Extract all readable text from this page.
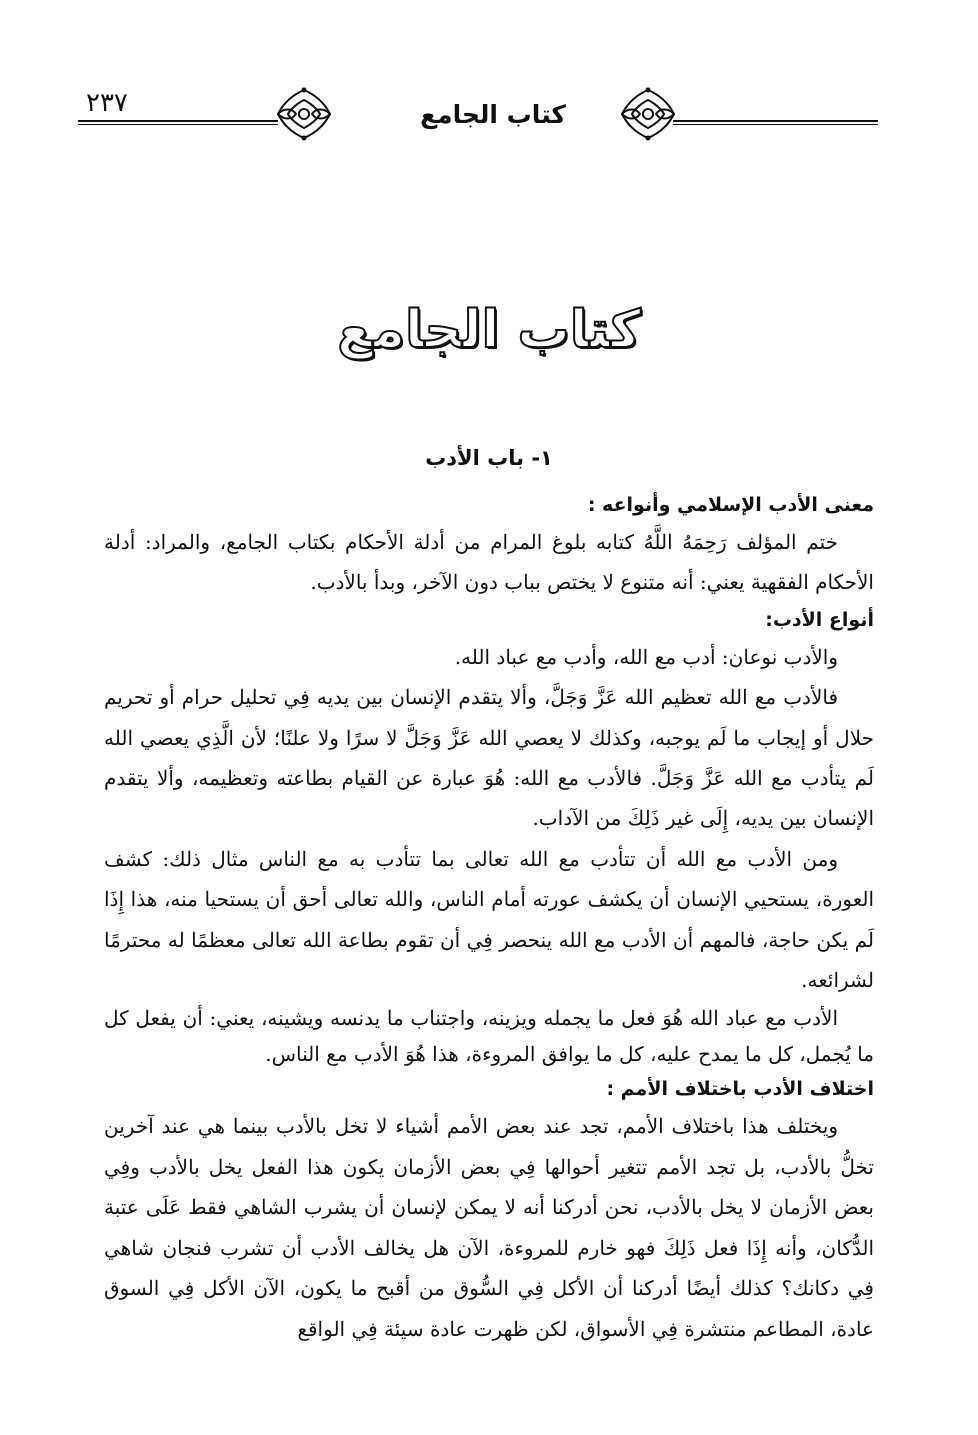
٢٣٧	كتاب الجامع
كتاب الجامع
١- باب الأدب
معنى الأدب الإسلامي وأنواعه :

ختم المؤلف رَحِمَهُ اللَّهُ كتابه بلوغ المرام من أدلة الأحكام بكتاب الجامع، والمراد: أدلة الأحكام الفقهية يعني: أنه متنوع لا يختص بباب دون الآخر، وبدأ بالأدب.

أنواع الأدب:

والأدب نوعان: أدب مع الله، وأدب مع عباد الله.

فالأدب مع الله تعظيم الله عَزَّ وَجَلَّ، وألا يتقدم الإنسان بين يديه فِي تحليل حرام أو تحريم حلال أو إيجاب ما لَم يوجبه، وكذلك لا يعصي الله عَزَّ وَجَلَّ لا سرًا ولا علنًا؛ لأن الَّذِي يعصي الله لَم يتأدب مع الله عَزَّ وَجَلَّ. فالأدب مع الله: هُوَ عبارة عن القيام بطاعته وتعظيمه، وألا يتقدم الإنسان بين يديه، إِلَى غير ذَلِكَ من الآداب.

ومن الأدب مع الله أن تتأدب مع الله تعالى بما تتأدب به مع الناس مثال ذلك: كشف العورة، يستحيي الإنسان أن يكشف عورته أمام الناس، والله تعالى أحق أن يستحيا منه، هذا إِذَا لَم يكن حاجة، فالمهم أن الأدب مع الله ينحصر فِي أن تقوم بطاعة الله تعالى معظمًا له محترمًا لشرائعه.

الأدب مع عباد الله هُوَ فعل ما يجمله ويزينه، واجتناب ما يدنسه ويشينه، يعني: أن يفعل كل ما يُجمل، كل ما يمدح عليه، كل ما يوافق المروءة، هذا هُوَ الأدب مع الناس.

اختلاف الأدب باختلاف الأمم :

ويختلف هذا باختلاف الأمم، تجد عند بعض الأمم أشياء لا تخل بالأدب بينما هي عند آخرين تخلُّ بالأدب، بل تجد الأمم تتغير أحوالها فِي بعض الأزمان يكون هذا الفعل يخل بالأدب وفِي بعض الأزمان لا يخل بالأدب، نحن أدركنا أنه لا يمكن لإنسان أن يشرب الشاهي فقط عَلَى عتبة الدُّكان، وأنه إِذَا فعل ذَلِكَ فهو خارم للمروءة، الآن هل يخالف الأدب أن تشرب فنجان شاهي فِي دكانك؟ كذلك أيضًا أدركنا أن الأكل فِي السُّوق من أقبح ما يكون، الآن الأكل فِي السوق عادة، المطاعم منتشرة فِي الأسواق، لكن ظهرت عادة سيئة فِي الواقع
